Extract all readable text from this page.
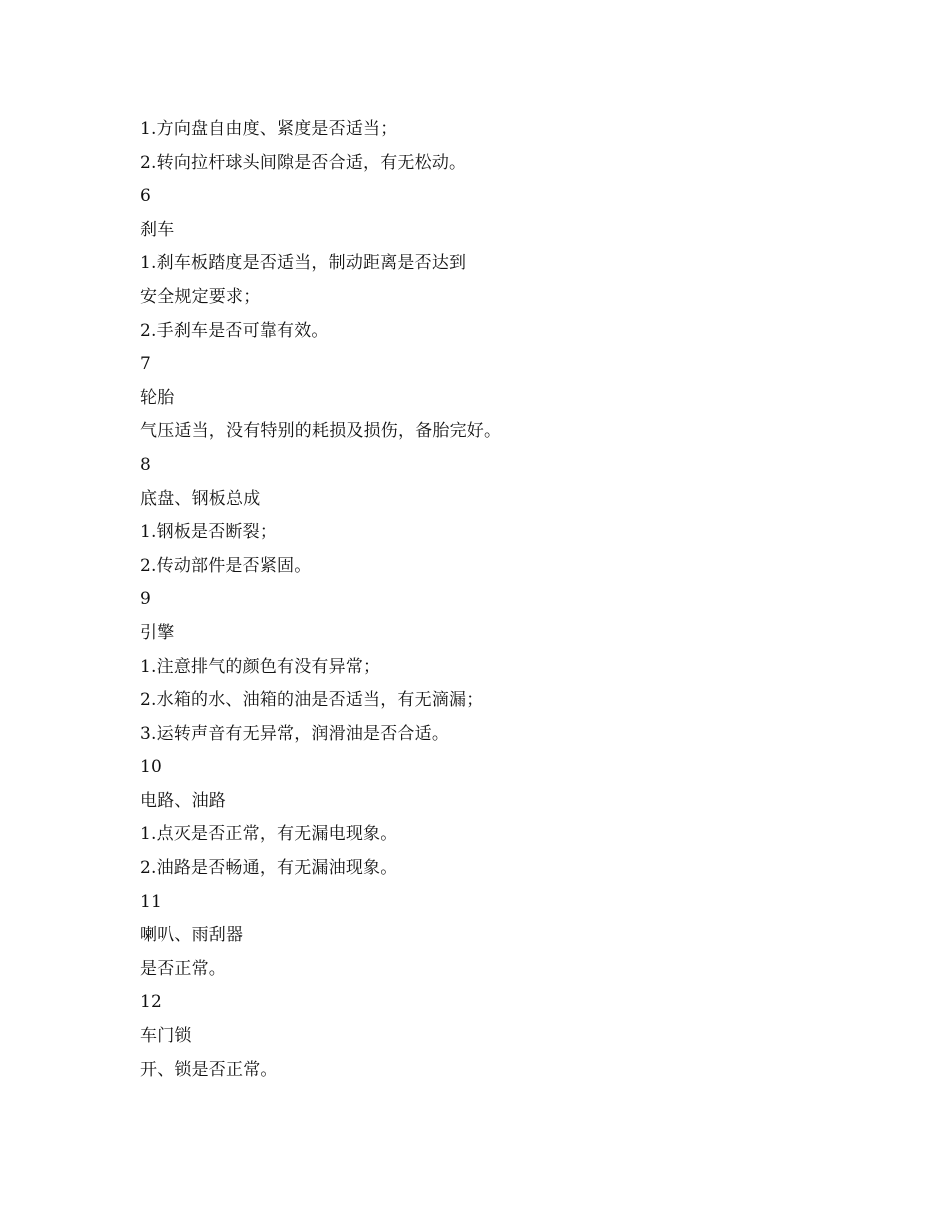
1.方向盘自由度、紧度是否适当；
2.转向拉杆球头间隙是否合适，有无松动。
6
刹车
1.刹车板踏度是否适当，制动距离是否达到
安全规定要求；
2.手刹车是否可靠有效。
7
轮胎
气压适当，没有特别的耗损及损伤，备胎完好。
8
底盘、钢板总成
1.钢板是否断裂；
2.传动部件是否紧固。
9
引擎
1.注意排气的颜色有没有异常；
2.水箱的水、油箱的油是否适当，有无滴漏；
3.运转声音有无异常，润滑油是否合适。
10
电路、油路
1.点灭是否正常，有无漏电现象。
2.油路是否畅通，有无漏油现象。
11
喇叭、雨刮器
是否正常。
12
车门锁
开、锁是否正常。
